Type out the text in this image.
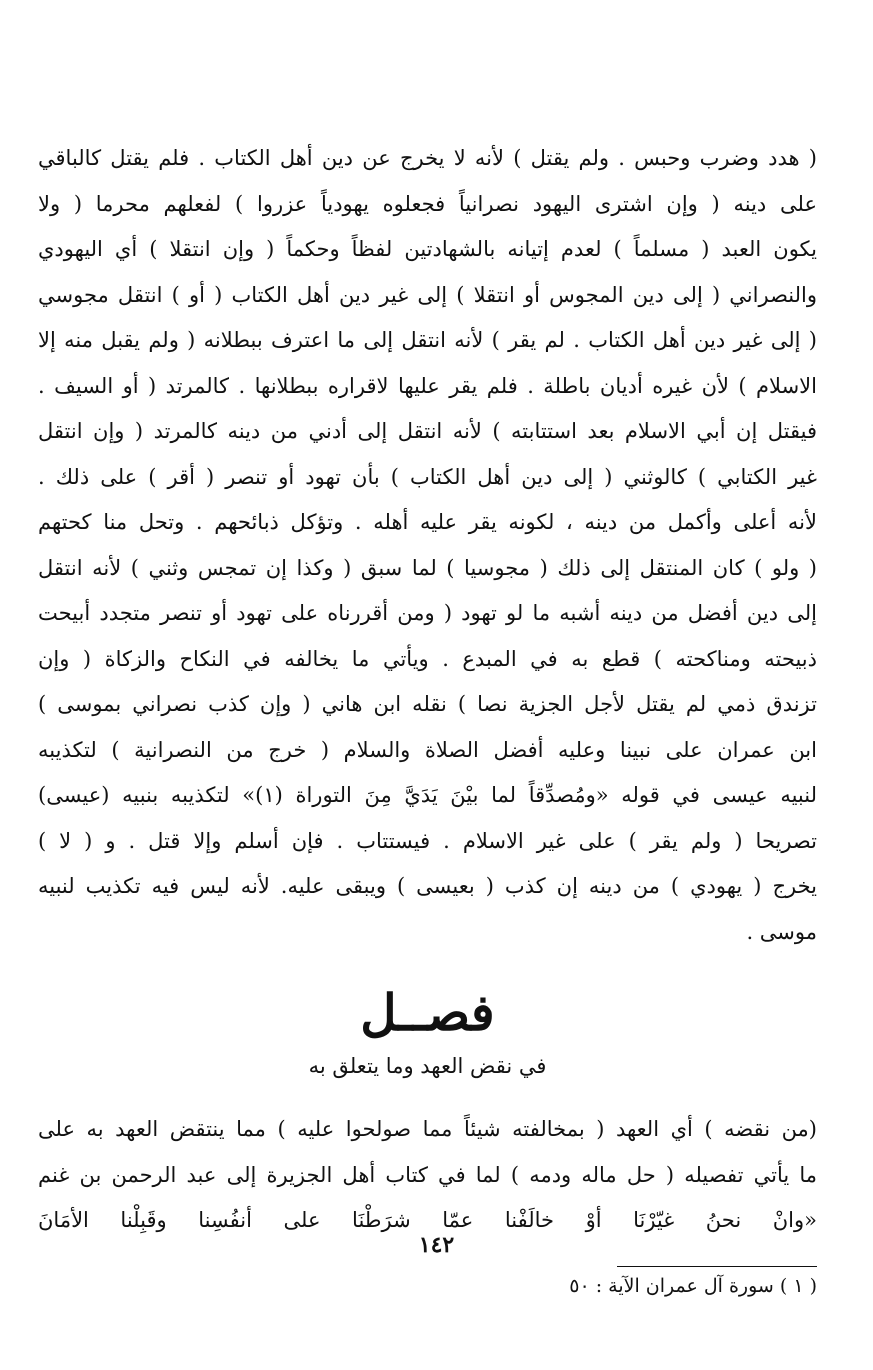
( هدد وضرب وحبس . ولم يقتل ) لأنه لا يخرج عن دين أهل الكتاب . فلم يقتل كالباقي
على دينه ( وإن اشترى اليهود نصرانياً فجعلوه يهودياً عزروا ) لفعلهم محرما ( ولا
يكون العبد ( مسلماً ) لعدم إتيانه بالشهادتين لفظاً وحكماً ( وإن انتقلا ) أي اليهودي
والنصراني ( إلى دين المجوس أو انتقلا ) إلى غير دين أهل الكتاب ( أو ) انتقل مجوسي
( إلى غير دين أهل الكتاب . لم يقر ) لأنه انتقل إلى ما اعترف ببطلانه ( ولم يقبل منه إلا
الاسلام ) لأن غيره أديان باطلة . فلم يقر عليها لاقراره ببطلانها . كالمرتد ( أو السيف .
فيقتل إن أبي الاسلام بعد استتابته ) لأنه انتقل إلى أدني من دينه كالمرتد ( وإن انتقل
غير الكتابي ) كالوثني ( إلى دين أهل الكتاب ) بأن تهود أو تنصر ( أقر ) على ذلك .
لأنه أعلى وأكمل من دينه ، لكونه يقر عليه أهله . وتؤكل ذبائحهم . وتحل منا كحتهم
( ولو ) كان المنتقل إلى ذلك ( مجوسيا ) لما سبق ( وكذا إن تمجس وثني ) لأنه انتقل
إلى دين أفضل من دينه أشبه ما لو تهود ( ومن أقررناه على تهود أو تنصر متجدد أبيحت
ذبيحته ومناكحته ) قطع به في المبدع . ويأتي ما يخالفه في النكاح والزكاة ( وإن
تزندق ذمي لم يقتل لأجل الجزية نصا ) نقله ابن هاني ( وإن كذب نصراني بموسى )
ابن عمران على نبينا وعليه أفضل الصلاة والسلام ( خرج من النصرانية ) لتكذيبه
لنبيه عيسى في قوله «ومُصدِّقاً لما بيْنَ يَدَيَّ مِنَ التوراة (١)» لتكذيبه بنبيه (عيسى)
تصريحا ( ولم يقر ) على غير الاسلام . فيستتاب . فإن أسلم وإلا قتل . و ( لا )
يخرج ( يهودي ) من دينه إن كذب ( بعيسى ) ويبقى عليه. لأنه ليس فيه تكذيب لنبيه
موسى .
فصــل
في نقض العهد وما يتعلق به
(من نقضه ) أي العهد ( بمخالفته شيئاً مما صولحوا عليه ) مما ينتقض العهد به على
ما يأتي تفصيله ( حل ماله ودمه ) لما في كتاب أهل الجزيرة إلى عبد الرحمن بن غنم
«وانْ نحنُ غيّرْنَا أوْ خالَفْنا عمّا شرَطْنَا على أنفُسِنا وقَبِلْنا الأمَانَ
( ١ ) سورة آل عمران الآية : ٥٠
١٤٢
